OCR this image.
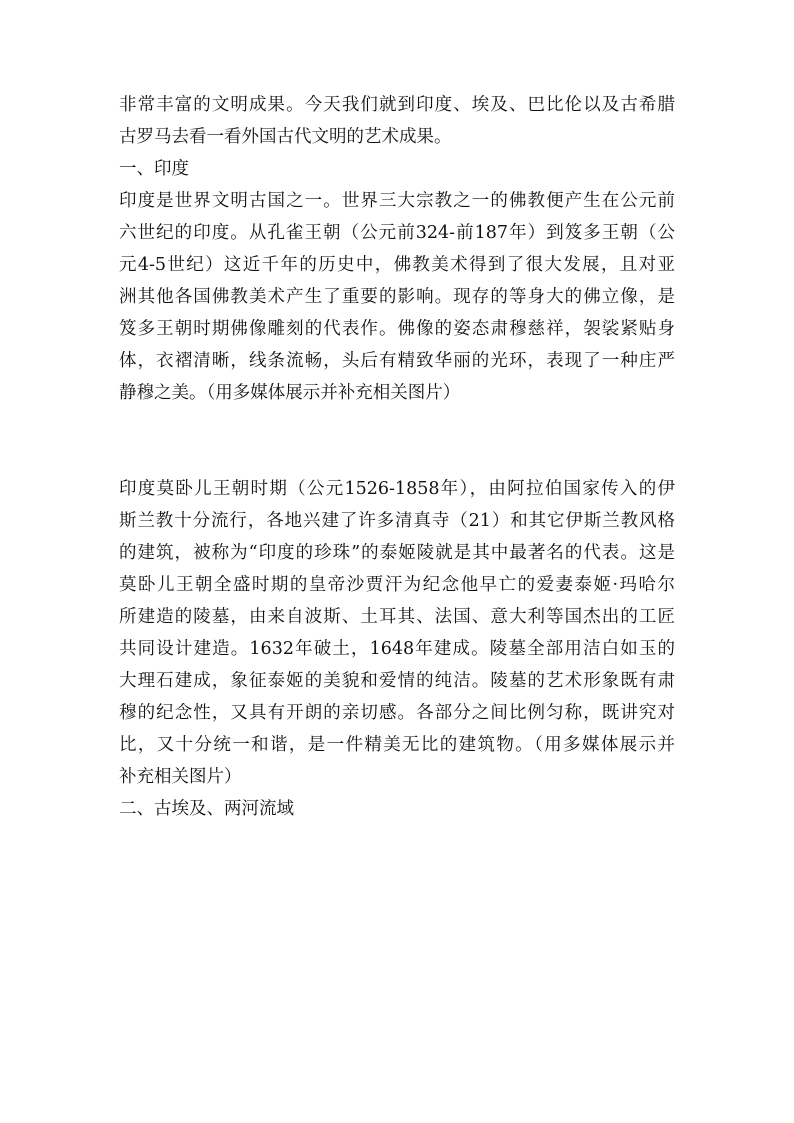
非常丰富的文明成果。今天我们就到印度、埃及、巴比伦以及古希腊
古罗马去看一看外国古代文明的艺术成果。
一、印度
印度是世界文明古国之一。世界三大宗教之一的佛教便产生在公元前
六世纪的印度。从孔雀王朝（公元前324-前187年）到笈多王朝（公
元4-5世纪）这近千年的历史中，佛教美术得到了很大发展，且对亚
洲其他各国佛教美术产生了重要的影响。现存的等身大的佛立像，是
笈多王朝时期佛像雕刻的代表作。佛像的姿态肃穆慈祥，袈裟紧贴身
体，衣褶清晰，线条流畅，头后有精致华丽的光环，表现了一种庄严
静穆之美。（用多媒体展示并补充相关图片）
印度莫卧儿王朝时期（公元1526-1858年），由阿拉伯国家传入的伊
斯兰教十分流行，各地兴建了许多清真寺（21）和其它伊斯兰教风格
的建筑，被称为“印度的珍珠”的泰姬陵就是其中最著名的代表。这是
莫卧儿王朝全盛时期的皇帝沙贾汗为纪念他早亡的爱妻泰姬·玛哈尔
所建造的陵墓，由来自波斯、土耳其、法国、意大利等国杰出的工匠
共同设计建造。1632年破土，1648年建成。陵墓全部用洁白如玉的
大理石建成，象征泰姬的美貌和爱情的纯洁。陵墓的艺术形象既有肃
穆的纪念性，又具有开朗的亲切感。各部分之间比例匀称，既讲究对
比，又十分统一和谐，是一件精美无比的建筑物。（用多媒体展示并
补充相关图片）
二、古埃及、两河流域
